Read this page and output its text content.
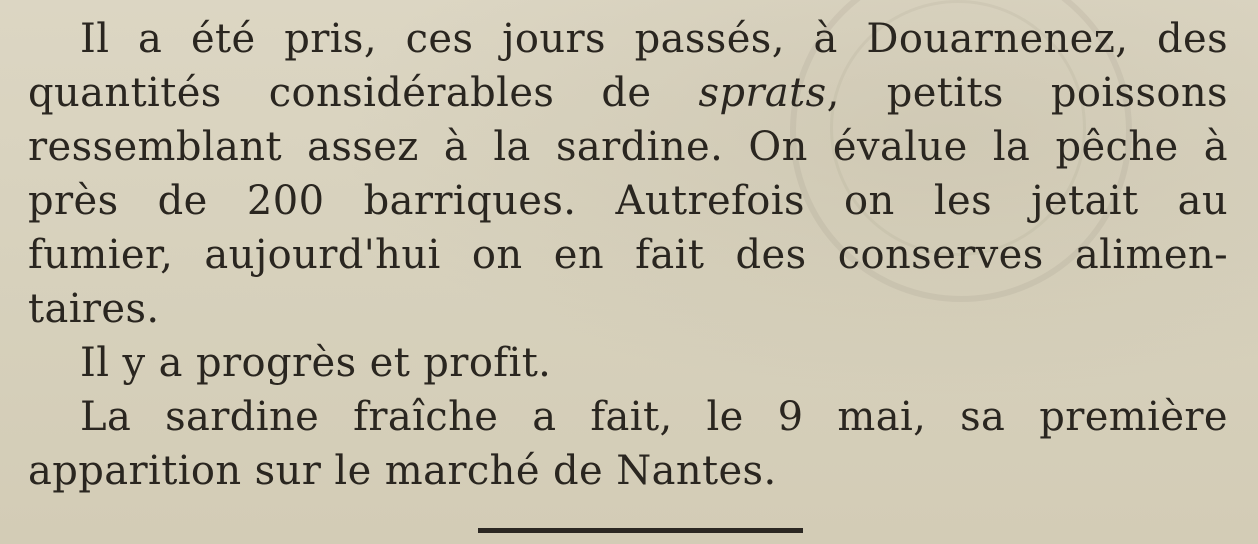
Il a été pris, ces jours passés, à Douarnenez, des
quantités considérables de sprats, petits poissons
ressemblant assez à la sardine. On évalue la pêche à
près de 200 barriques. Autrefois on les jetait au
fumier, aujourd'hui on en fait des conserves alimen-
taires.
Il y a progrès et profit.
La sardine fraîche a fait, le 9 mai, sa première
apparition sur le marché de Nantes.
